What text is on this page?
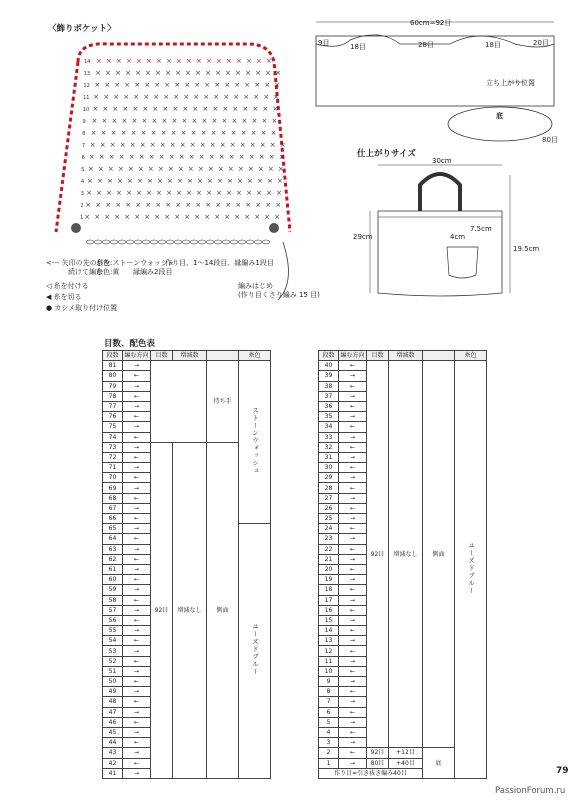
〈飾りポケット〉
14 × × × × × × × × × × × × × × × × × ×
13 × × × × × × × × × × × × × × × × × × ×
12 × × × × × × × × × × × × × × × × × × ×
11 × × × × × × × × × × × × × × × × × × ×
10 × × × × × × × × × × × × × × × × × × ×
9 × × × × × × × × × × × × × × × × × × ×
8 × × × × × × × × × × × × × × × × × × ×
7 × × × × × × × × × × × × × × × × × × × ×
6 × × × × × × × × × × × × × × × × × × × ×
5 × × × × × × × × × × × × × × × × × × × ×
4 × × × × × × × × × × × × × × × × × × × ×
3 × × × × × × × × × × × × × × × × × × × ×
2 × × × × × × × × × × × × × × × × × × × ×
1 × × × × × × × × × × × × × × × × × × × ×
<--- 矢印の先の目を
続けて編む
糸色:ストーンウォッシュ
作り目、1〜14段目、縁編み1段目
糸色:黄 縁編み2段目
◁ 糸を付ける
◀ 糸を切る
● カシメ取り付け位置
編みはじめ
(作り目くさり編み 15 目)
60cm=92目
9目	18目	28目	18目	20目
立ち上がり位置
底
80目
仕上がりサイズ
30cm
29cm
19.5cm
4cm
7.5cm
目数、配色表
段数	編む方向	目数	増減数		糸色
81	→			持ち手	ストーンウォッシュ
80	←				
79	→				
78	←				
77	→				
76	←				
75	→				
74	←				
73	→	92目	増減なし	側面	
72	←				
71	→				
70	←				
69	→				
68	←				
67	→				
66	←				
65	→				ユーズドブルー
64	←				
63	→				
62	←				
61	→				
60	←				
59	→				
58	←				
57	→				
56	←				
55	→				
54	←				
53	→				
52	←				
51	→				
50	←				
49	→				
48	←				
47	→				
46	←				
45	→				
44	←				
43	→				
42	←				
41	→				
段数	編む方向	目数	増減数		糸色
40	←	92目	増減なし	側面	ユーズドブルー
39	→				
38	←				
37	→				
36	←				
35	→				
34	←				
33	→				
32	←				
31	→				
30	←				
29	→				
28	←				
27	→				
26	←				
25	→				
24	←				
23	→				
22	←				
21	→				
20	←				
19	→				
18	←				
17	→				
16	←				
15	→				
14	←				
13	→				
12	←				
11	→				
10	←				
9	→				
8	←				
7	→				
6	←				
5	→				
4	←				
3	→				
2	←	92目	+12目	底	
1	→	80目	+40目		
作り目=引き抜き編み40目						79
PassionForum.ru
